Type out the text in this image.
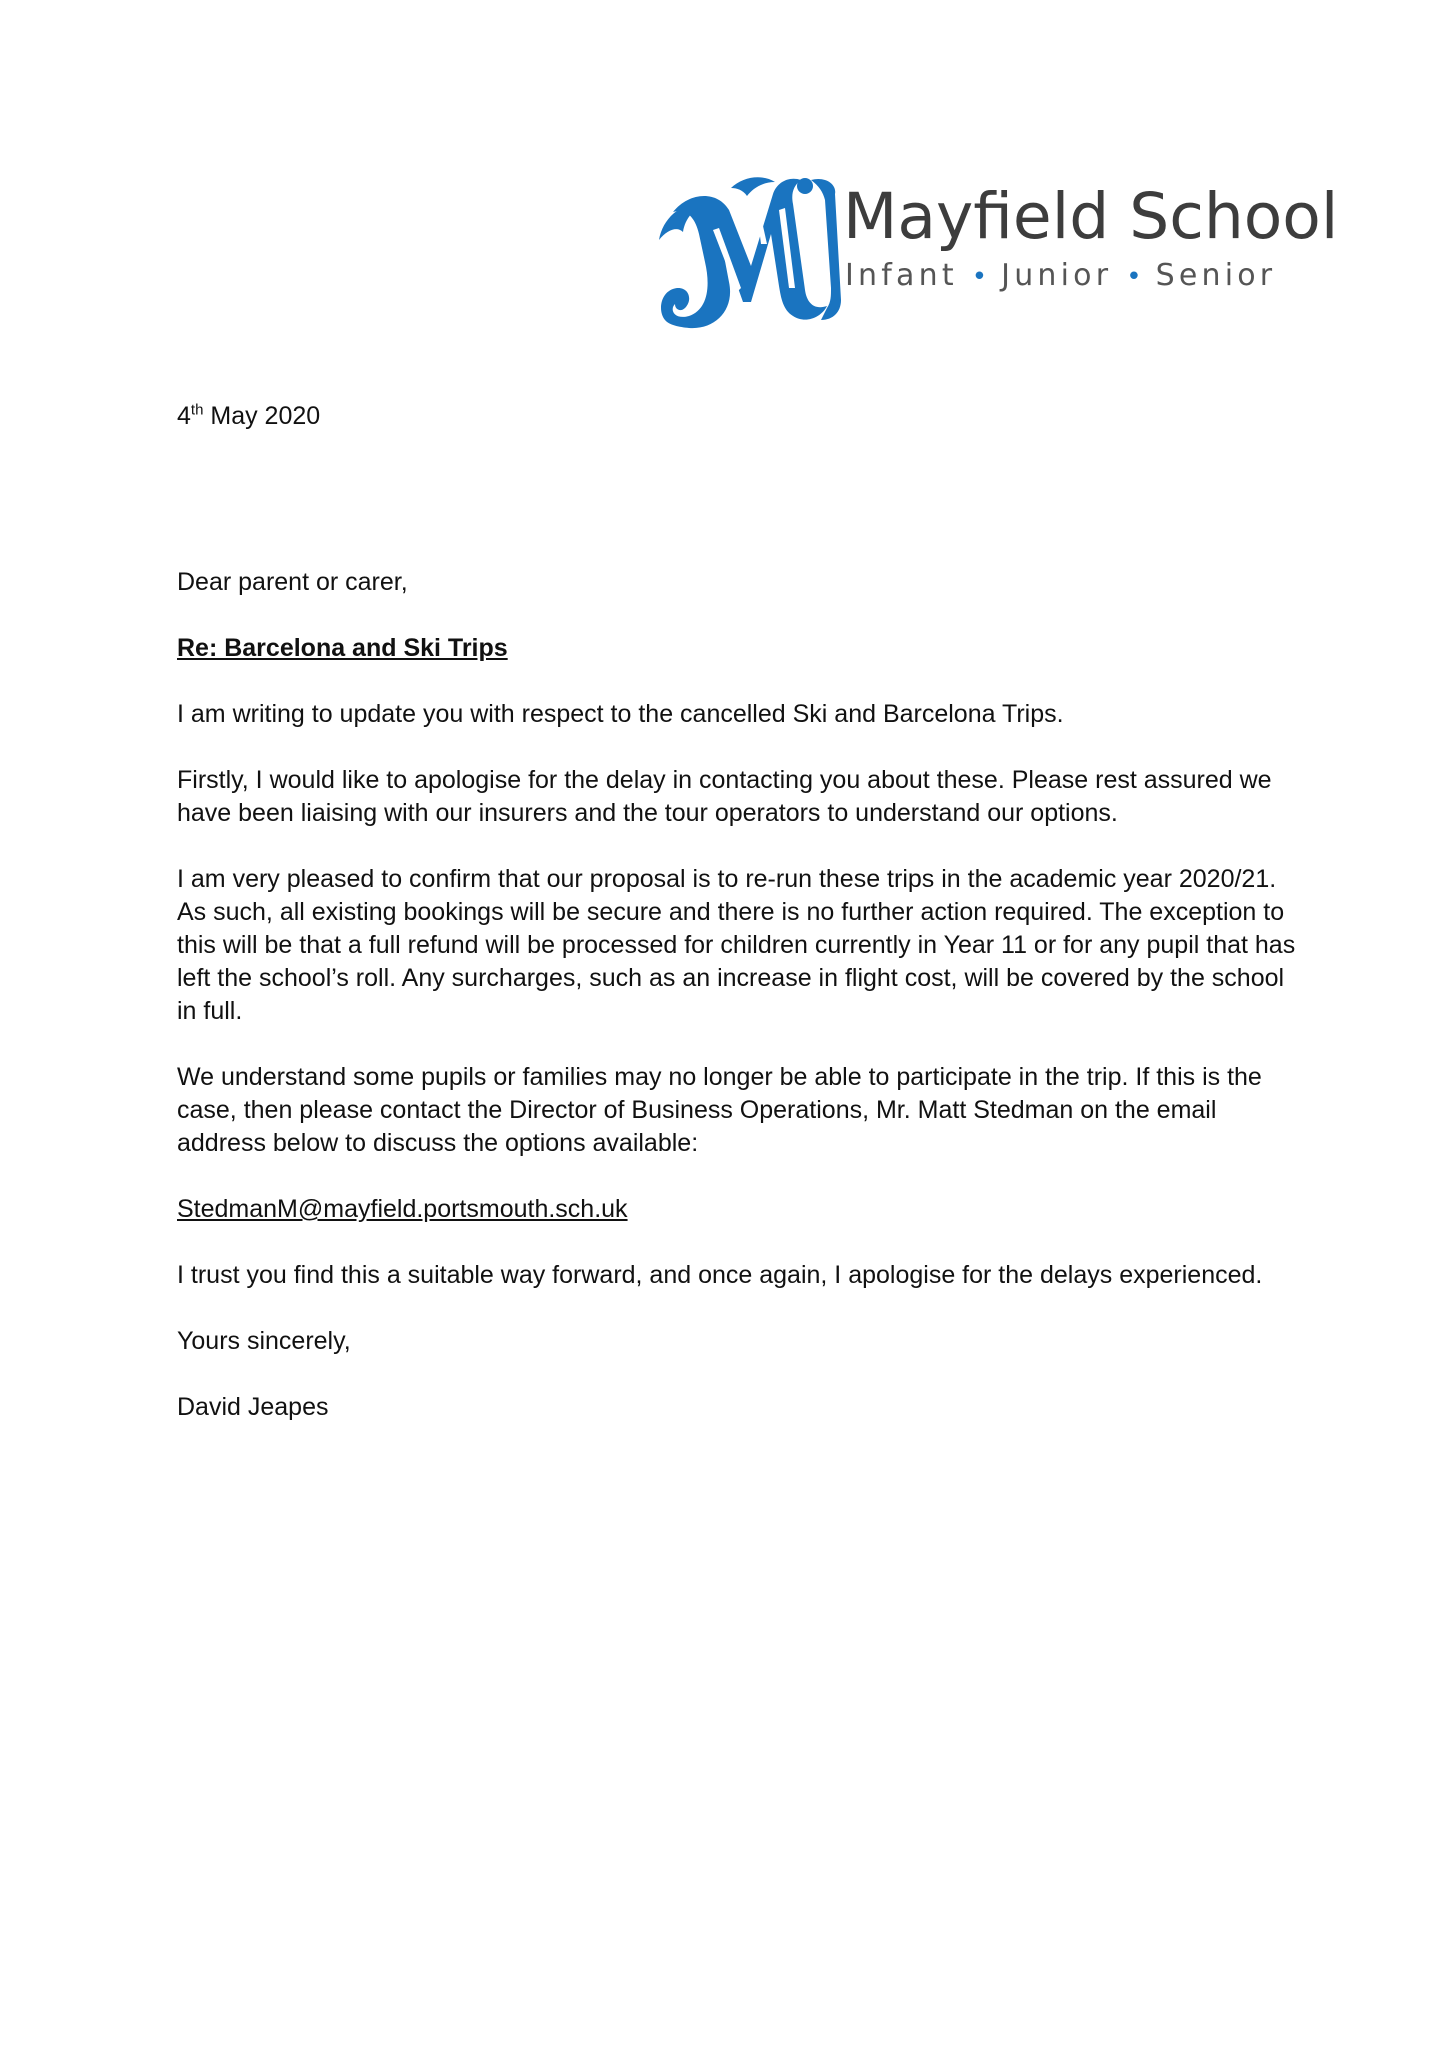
Mayfield School
Infant • Junior • Senior

4th May 2020

Dear parent or carer,

Re: Barcelona and Ski Trips

I am writing to update you with respect to the cancelled Ski and Barcelona Trips.

Firstly, I would like to apologise for the delay in contacting you about these. Please rest assured we have been liaising with our insurers and the tour operators to understand our options.

I am very pleased to confirm that our proposal is to re-run these trips in the academic year 2020/21. As such, all existing bookings will be secure and there is no further action required. The exception to this will be that a full refund will be processed for children currently in Year 11 or for any pupil that has left the school’s roll. Any surcharges, such as an increase in flight cost, will be covered by the school in full.

We understand some pupils or families may no longer be able to participate in the trip. If this is the case, then please contact the Director of Business Operations, Mr. Matt Stedman on the email address below to discuss the options available:

StedmanM@mayfield.portsmouth.sch.uk

I trust you find this a suitable way forward, and once again, I apologise for the delays experienced.

Yours sincerely,

David Jeapes
